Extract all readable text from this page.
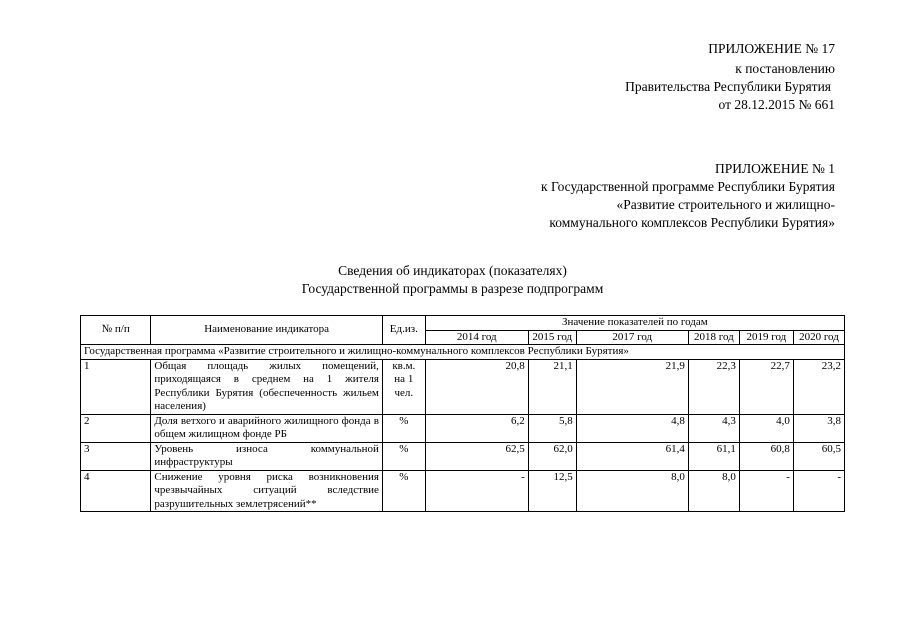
ПРИЛОЖЕНИЕ № 17
к постановлению
Правительства Республики Бурятия
от 28.12.2015 № 661
ПРИЛОЖЕНИЕ № 1
к Государственной программе Республики Бурятия
«Развитие строительного и жилищно-
коммунального комплексов Республики Бурятия»
Сведения об индикаторах (показателях)
Государственной программы в разрезе подпрограмм
№ п/п	Наименование индикатора	Ед.из.	Значение показателей по годам					
			2014 год	2015 год	2017 год	2018 год	2019 год	2020 год
Государственная программа «Развитие строительного и жилищно-коммунального комплексов Республики Бурятия»								
1	Общая площадь жилых помещений, приходящаяся в среднем на 1 жителя Республики Бурятия (обеспеченность жильем населения)	кв.м. на 1 чел.	20,8	21,1	21,9	22,3	22,7	23,2
2	Доля ветхого и аварийного жилищного фонда в общем жилищном фонде РБ	%	6,2	5,8	4,8	4,3	4,0	3,8
3	Уровень износа коммунальной инфраструктуры	%	62,5	62,0	61,4	61,1	60,8	60,5
4	Снижение уровня риска возникновения чрезвычайных ситуаций вследствие разрушительных землетрясений**	%	-	12,5	8,0	8,0	-	-
